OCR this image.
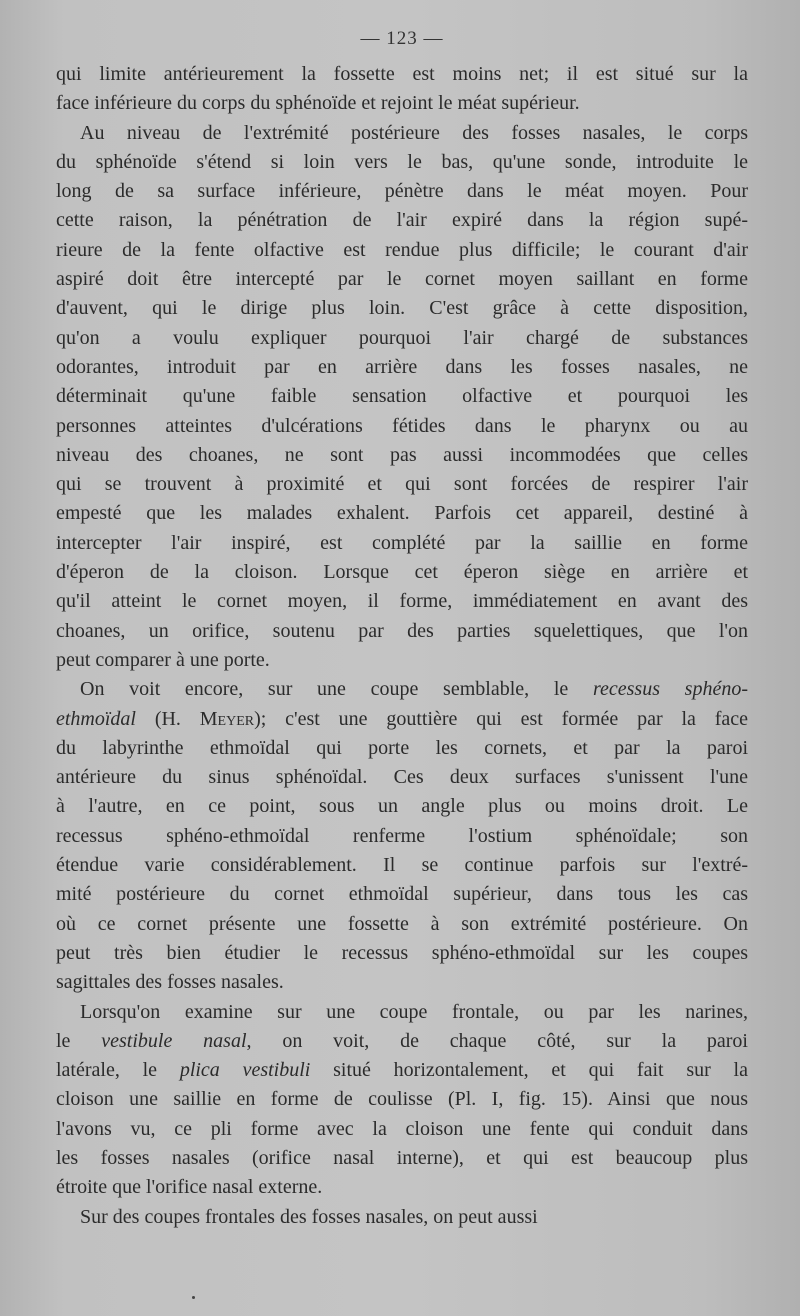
— 123 —
qui limite antérieurement la fossette est moins net; il est situé sur la
face inférieure du corps du sphénoïde et rejoint le méat supérieur.
Au niveau de l'extrémité postérieure des fosses nasales, le corps
du sphénoïde s'étend si loin vers le bas, qu'une sonde, introduite le
long de sa surface inférieure, pénètre dans le méat moyen. Pour
cette raison, la pénétration de l'air expiré dans la région supé-
rieure de la fente olfactive est rendue plus difficile; le courant d'air
aspiré doit être intercepté par le cornet moyen saillant en forme
d'auvent, qui le dirige plus loin. C'est grâce à cette disposition,
qu'on a voulu expliquer pourquoi l'air chargé de substances
odorantes, introduit par en arrière dans les fosses nasales, ne
déterminait qu'une faible sensation olfactive et pourquoi les
personnes atteintes d'ulcérations fétides dans le pharynx ou au
niveau des choanes, ne sont pas aussi incommodées que celles
qui se trouvent à proximité et qui sont forcées de respirer l'air
empesté que les malades exhalent. Parfois cet appareil, destiné à
intercepter l'air inspiré, est complété par la saillie en forme
d'éperon de la cloison. Lorsque cet éperon siège en arrière et
qu'il atteint le cornet moyen, il forme, immédiatement en avant des
choanes, un orifice, soutenu par des parties squelettiques, que l'on
peut comparer à une porte.
On voit encore, sur une coupe semblable, le recessus sphéno-
ethmoïdal (H. Meyer); c'est une gouttière qui est formée par la face
du labyrinthe ethmoïdal qui porte les cornets, et par la paroi
antérieure du sinus sphénoïdal. Ces deux surfaces s'unissent l'une
à l'autre, en ce point, sous un angle plus ou moins droit. Le
recessus sphéno-ethmoïdal renferme l'ostium sphénoïdale; son
étendue varie considérablement. Il se continue parfois sur l'extré-
mité postérieure du cornet ethmoïdal supérieur, dans tous les cas
où ce cornet présente une fossette à son extrémité postérieure. On
peut très bien étudier le recessus sphéno-ethmoïdal sur les coupes
sagittales des fosses nasales.
Lorsqu'on examine sur une coupe frontale, ou par les narines,
le vestibule nasal, on voit, de chaque côté, sur la paroi
latérale, le plica vestibuli situé horizontalement, et qui fait sur la
cloison une saillie en forme de coulisse (Pl. I, fig. 15). Ainsi que nous
l'avons vu, ce pli forme avec la cloison une fente qui conduit dans
les fosses nasales (orifice nasal interne), et qui est beaucoup plus
étroite que l'orifice nasal externe.
Sur des coupes frontales des fosses nasales, on peut aussi
